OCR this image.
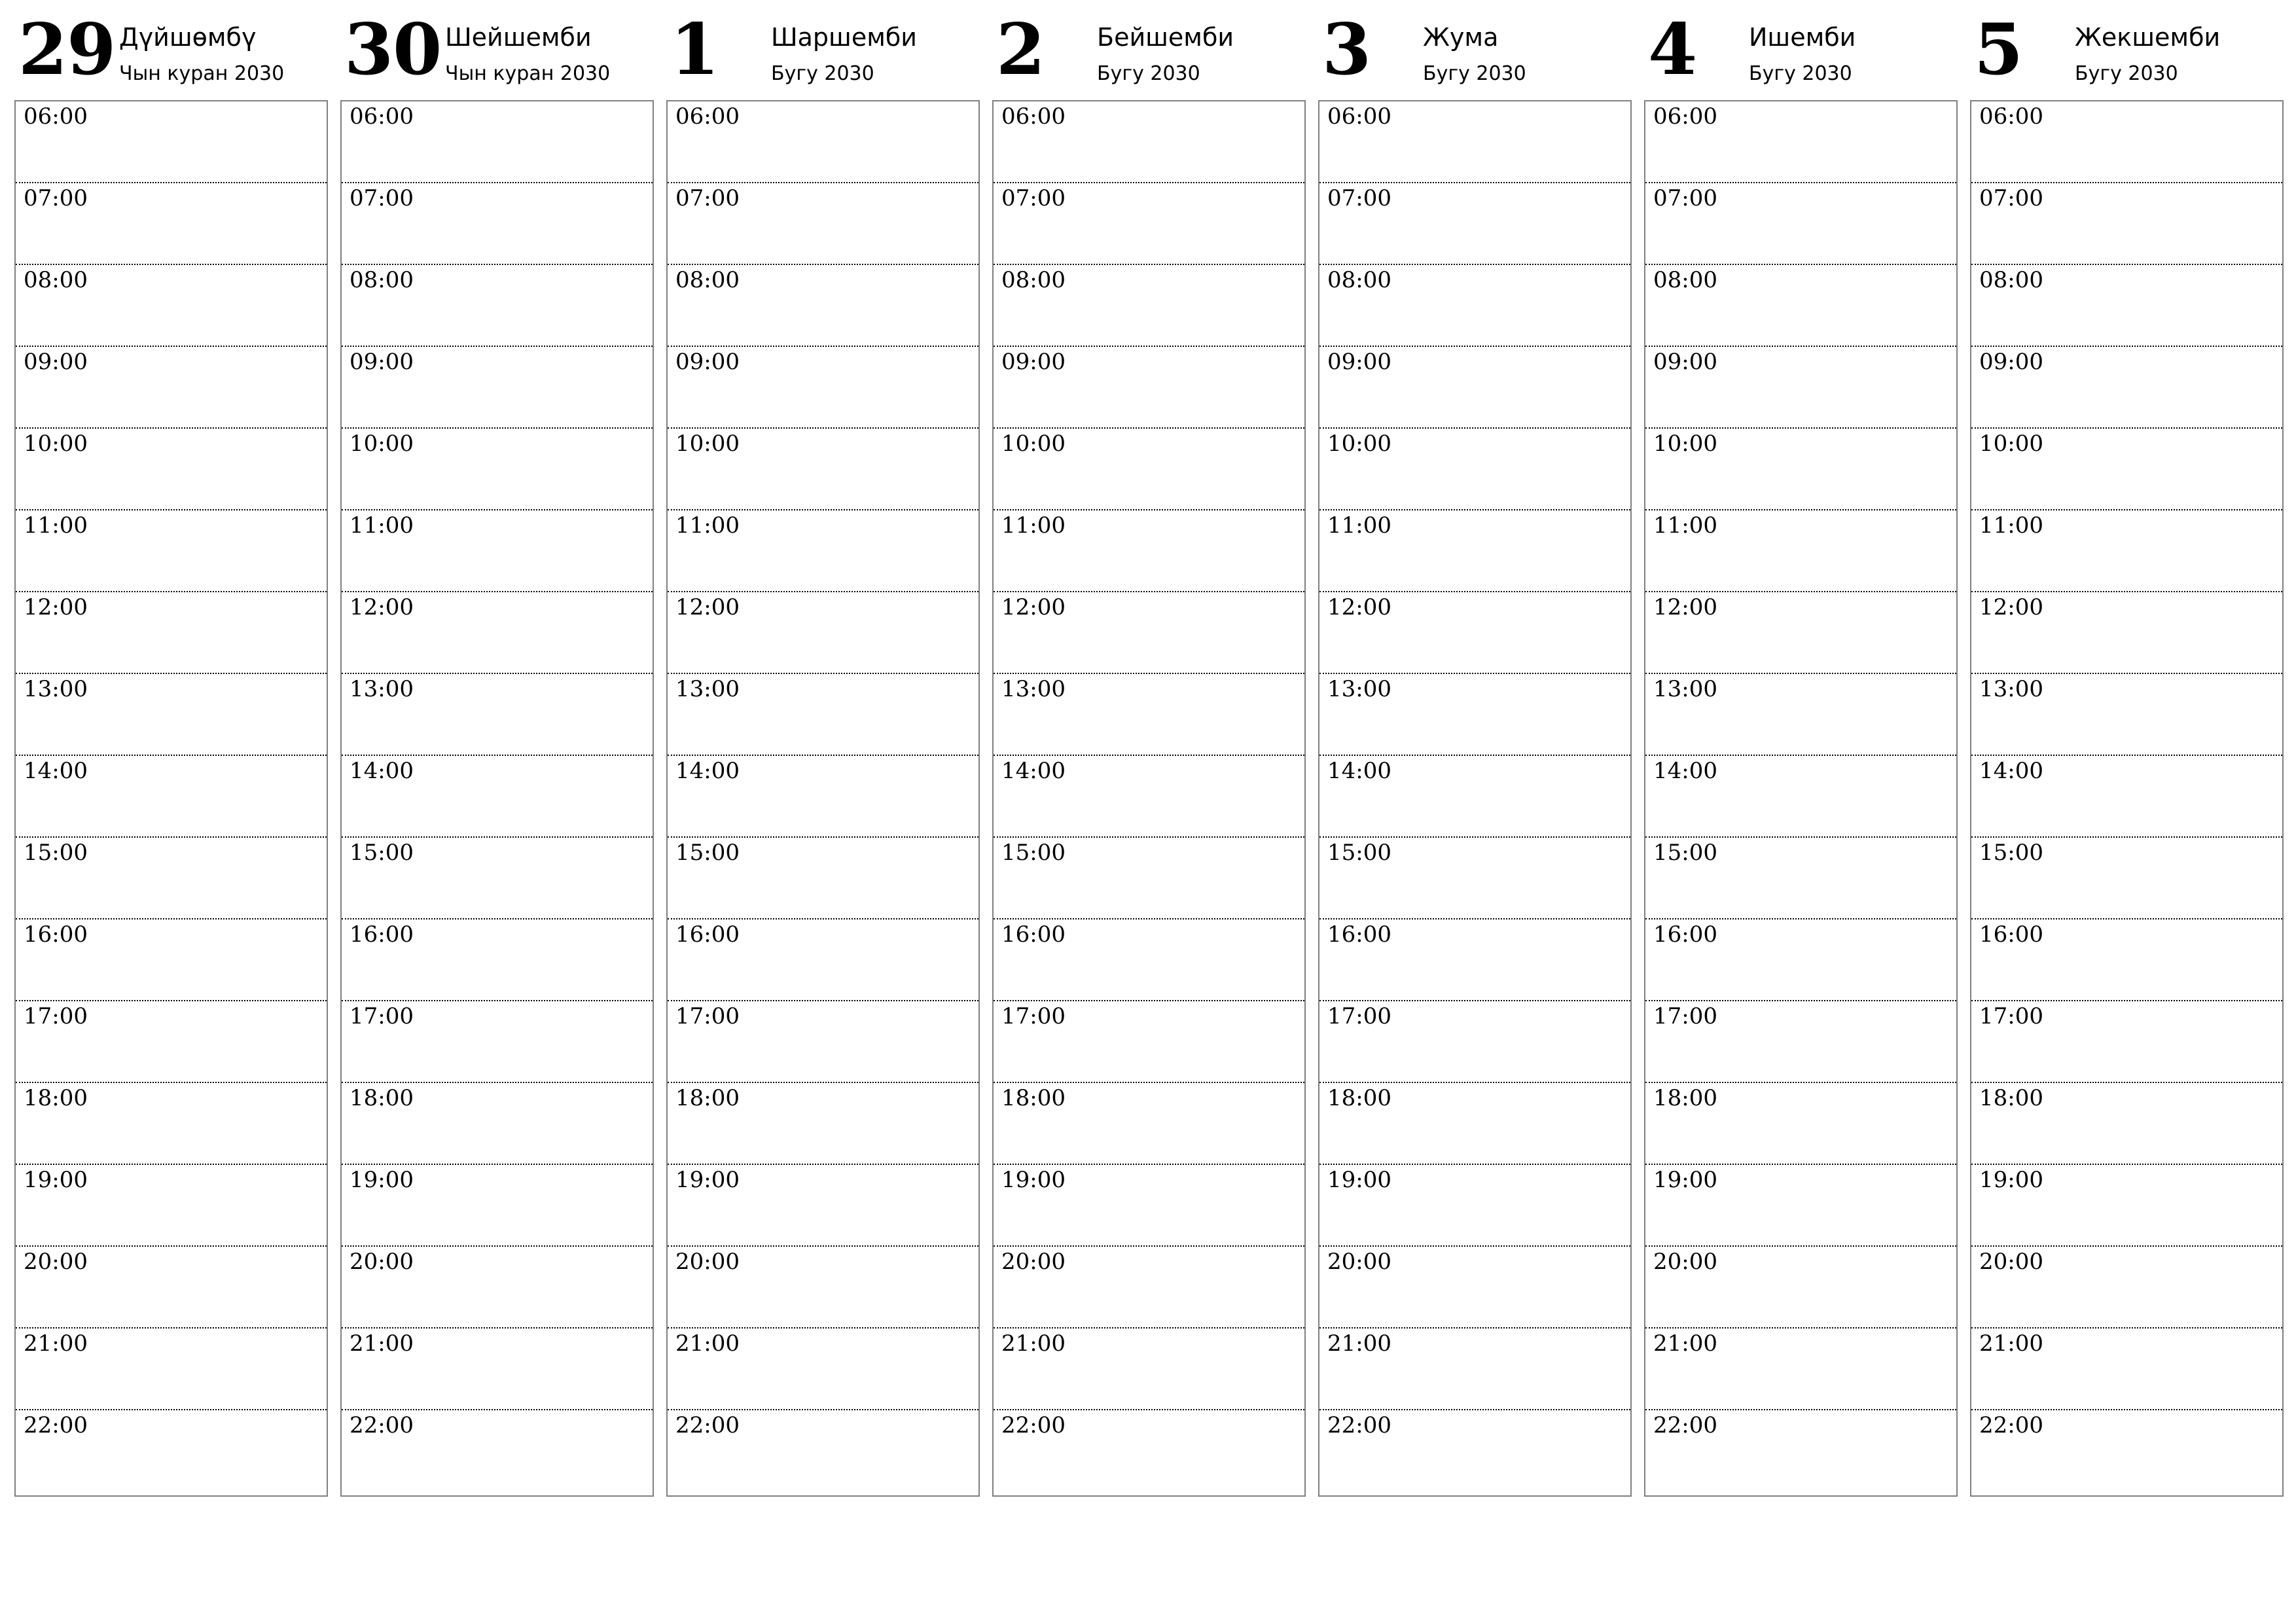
29 Дүйшөмбү
Чын куран 2030
06:00
07:00
08:00
09:00
10:00
11:00
12:00
13:00
14:00
15:00
16:00
17:00
18:00
19:00
20:00
21:00
22:00
30 Шейшемби
Чын куран 2030
06:00
07:00
08:00
09:00
10:00
11:00
12:00
13:00
14:00
15:00
16:00
17:00
18:00
19:00
20:00
21:00
22:00
1 Шаршемби
Бугу 2030
06:00
07:00
08:00
09:00
10:00
11:00
12:00
13:00
14:00
15:00
16:00
17:00
18:00
19:00
20:00
21:00
22:00
2 Бейшемби
Бугу 2030
06:00
07:00
08:00
09:00
10:00
11:00
12:00
13:00
14:00
15:00
16:00
17:00
18:00
19:00
20:00
21:00
22:00
3 Жума
Бугу 2030
06:00
07:00
08:00
09:00
10:00
11:00
12:00
13:00
14:00
15:00
16:00
17:00
18:00
19:00
20:00
21:00
22:00
4 Ишемби
Бугу 2030
06:00
07:00
08:00
09:00
10:00
11:00
12:00
13:00
14:00
15:00
16:00
17:00
18:00
19:00
20:00
21:00
22:00
5 Жекшемби
Бугу 2030
06:00
07:00
08:00
09:00
10:00
11:00
12:00
13:00
14:00
15:00
16:00
17:00
18:00
19:00
20:00
21:00
22:00
